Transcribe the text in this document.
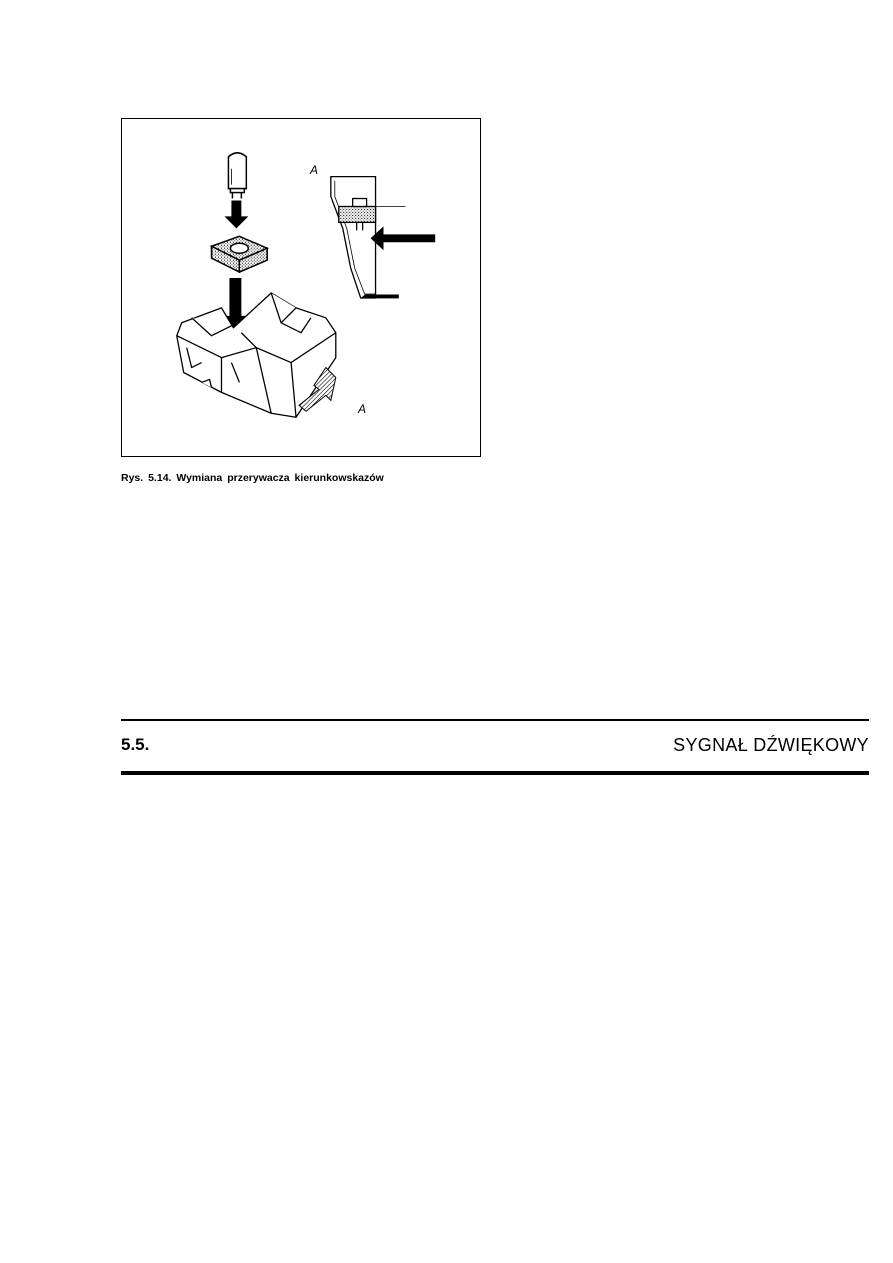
A
A
Rys. 5.14. Wymiana przerywacza kierunkowskazów
5.5.	SYGNAŁ DŹWIĘKOWY
